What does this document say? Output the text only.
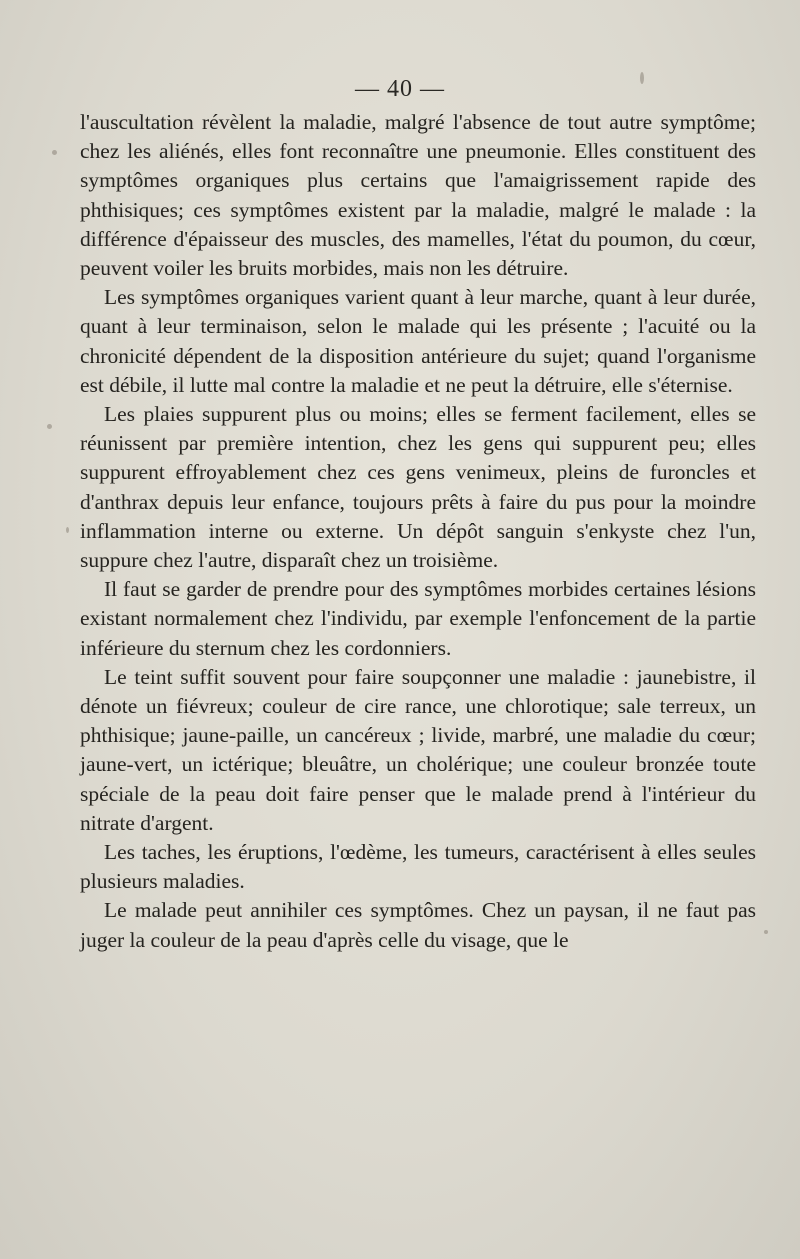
— 40 —

l'auscultation révèlent la maladie, malgré l'absence de tout autre symptôme; chez les aliénés, elles font reconnaître une pneumonie. Elles constituent des symptômes organiques plus certains que l'amaigrissement rapide des phthisiques; ces symptômes existent par la maladie, malgré le malade : la différence d'épaisseur des muscles, des mamelles, l'état du poumon, du cœur, peuvent voiler les bruits morbides, mais non les détruire.

Les symptômes organiques varient quant à leur marche, quant à leur durée, quant à leur terminaison, selon le malade qui les présente ; l'acuité ou la chronicité dépendent de la disposition antérieure du sujet; quand l'organisme est débile, il lutte mal contre la maladie et ne peut la détruire, elle s'éternise.

Les plaies suppurent plus ou moins; elles se ferment facilement, elles se réunissent par première intention, chez les gens qui suppurent peu; elles suppurent effroyablement chez ces gens venimeux, pleins de furoncles et d'anthrax depuis leur enfance, toujours prêts à faire du pus pour la moindre inflammation interne ou externe. Un dépôt sanguin s'enkyste chez l'un, suppure chez l'autre, disparaît chez un troisième.

Il faut se garder de prendre pour des symptômes morbides certaines lésions existant normalement chez l'individu, par exemple l'enfoncement de la partie inférieure du sternum chez les cordonniers.

Le teint suffit souvent pour faire soupçonner une maladie : jaunebistre, il dénote un fiévreux; couleur de cire rance, une chlorotique; sale terreux, un phthisique; jaune-paille, un cancéreux ; livide, marbré, une maladie du cœur; jaune-vert, un ictérique; bleuâtre, un cholérique; une couleur bronzée toute spéciale de la peau doit faire penser que le malade prend à l'intérieur du nitrate d'argent.

Les taches, les éruptions, l'œdème, les tumeurs, caractérisent à elles seules plusieurs maladies.

Le malade peut annihiler ces symptômes. Chez un paysan, il ne faut pas juger la couleur de la peau d'après celle du visage, que le
